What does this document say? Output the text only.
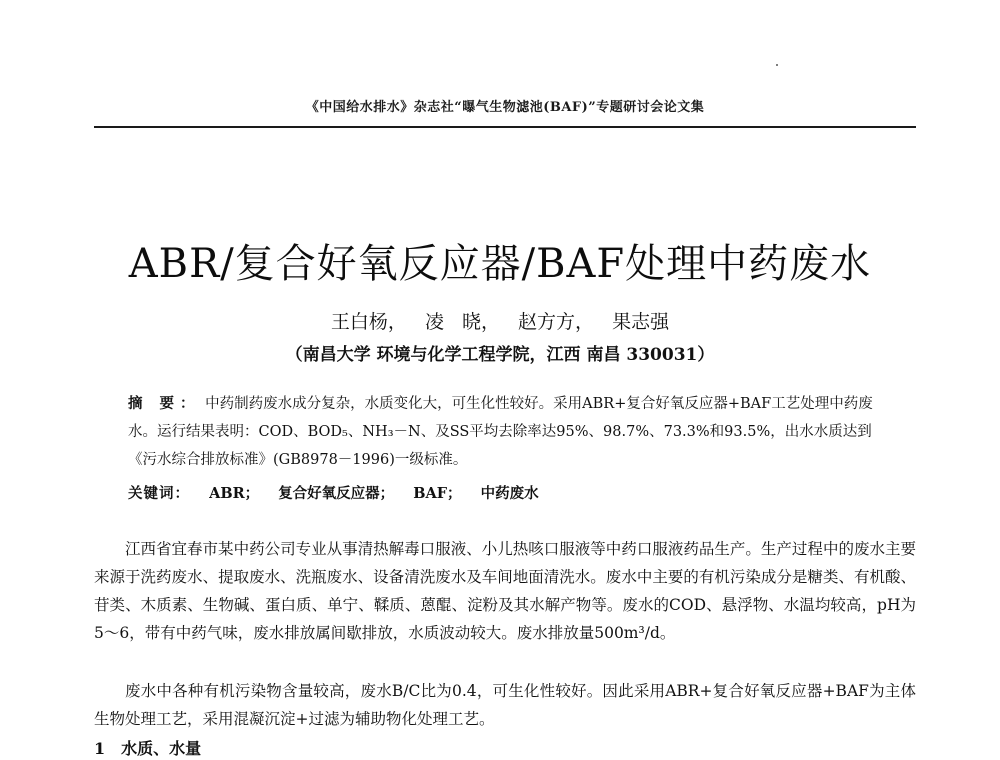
《中国给水排水》杂志社“曝气生物滤池(BAF)”专题研讨会论文集
ABR/复合好氧反应器/BAF处理中药废水
王白杨， 凌 晓， 赵方方， 果志强
（南昌大学 环境与化学工程学院，江西 南昌 330031）

摘 要： 中药制药废水成分复杂，水质变化大，可生化性较好。采用ABR+复合好氧反应器+BAF工艺处理中药废水。运行结果表明：COD、BOD₅、NH₃－N、及SS平均去除率达95%、98.7%、73.3%和93.5%，出水水质达到《污水综合排放标准》(GB8978－1996)一级标准。

关键词： ABR； 复合好氧反应器； BAF； 中药废水

江西省宜春市某中药公司专业从事清热解毒口服液、小儿热咳口服液等中药口服液药品生产。生产过程中的废水主要来源于洗药废水、提取废水、洗瓶废水、设备清洗废水及车间地面清洗水。废水中主要的有机污染成分是糖类、有机酸、苷类、木质素、生物碱、蛋白质、单宁、鞣质、蒽醌、淀粉及其水解产物等。废水的COD、悬浮物、水温均较高，pH为5～6，带有中药气味，废水排放属间歇排放，水质波动较大。废水排放量500m³/d。

废水中各种有机污染物含量较高，废水B/C比为0.4，可生化性较好。因此采用ABR+复合好氧反应器+BAF为主体生物处理工艺，采用混凝沉淀+过滤为辅助物化处理工艺。

1 水质、水量
